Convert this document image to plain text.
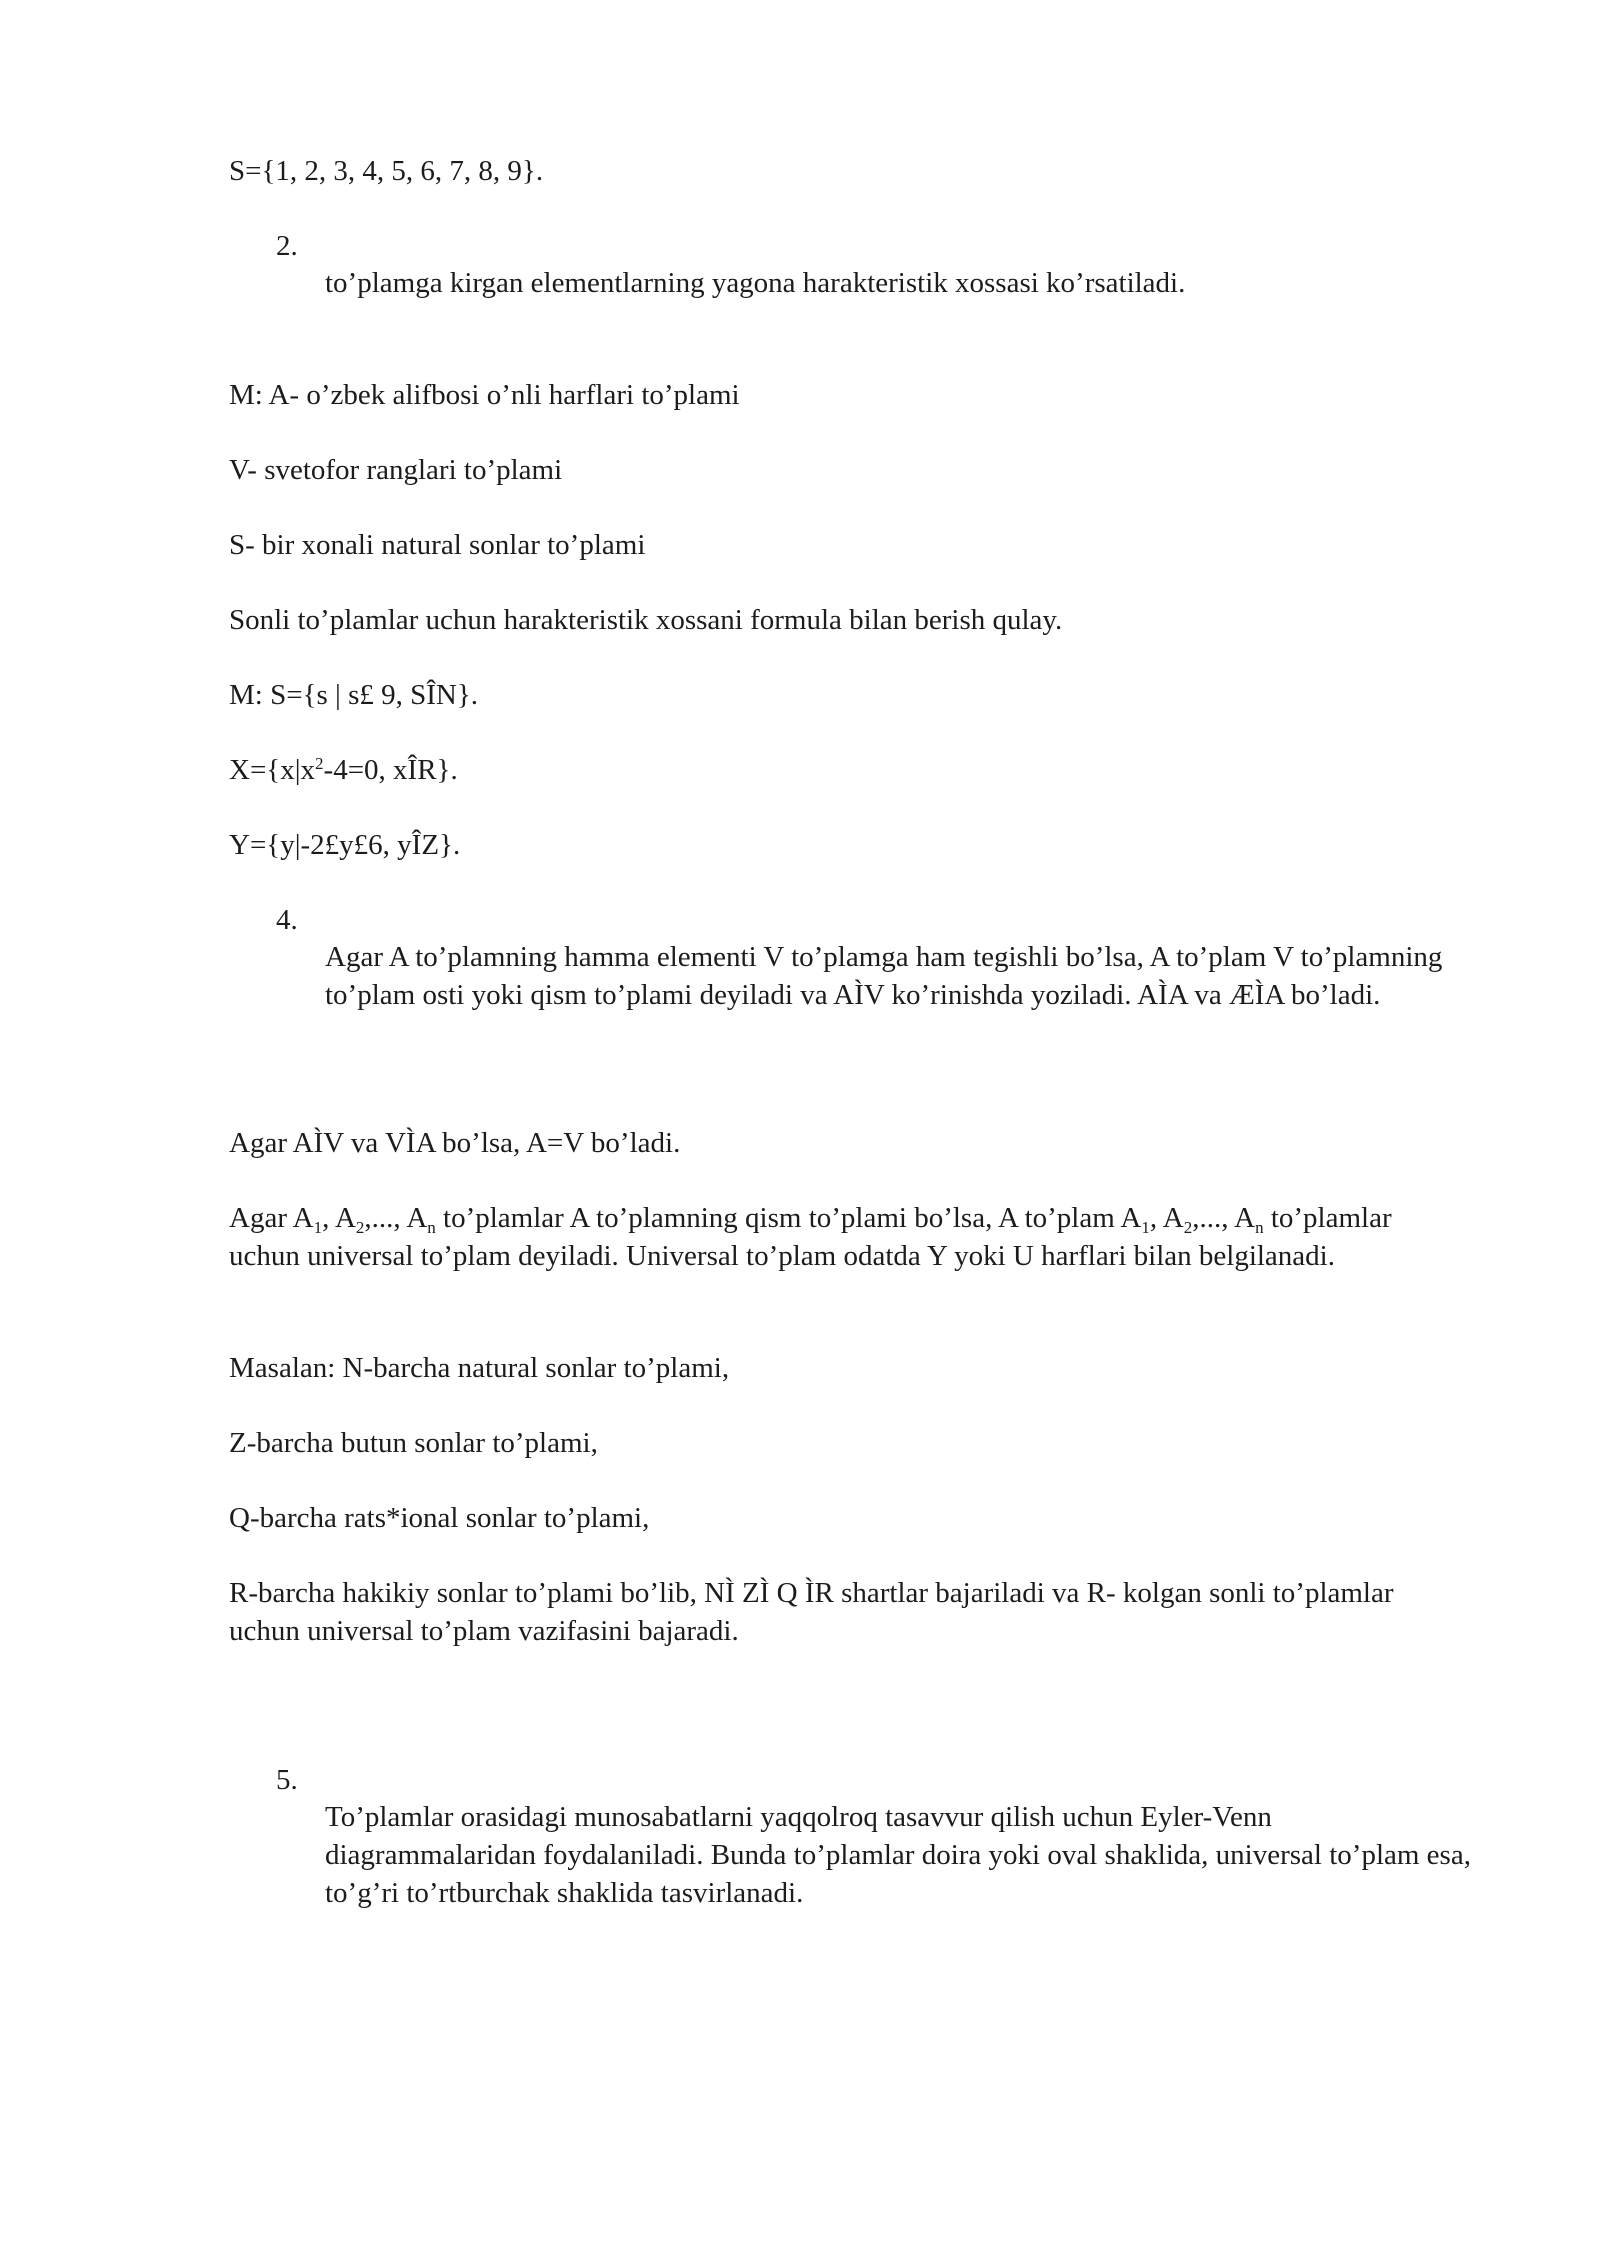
S={1, 2, 3, 4, 5, 6, 7, 8, 9}.

2.

to’plamga kirgan elementlarning yagona harakteristik xossasi ko’rsatiladi.

M: A- o’zbek alifbosi o’nli harflari to’plami

V- svetofor ranglari to’plami

S- bir xonali natural sonlar to’plami

Sonli to’plamlar uchun harakteristik xossani formula bilan berish qulay.

M: S={s | s£ 9, SÎN}.

$X=\{x|x^2-4=0$, xÎR}.

Y={y|-2£y£6, yÎZ}.

4.

Agar A to’plamning hamma elementi V to’plamga ham tegishli bo’lsa, A to’plam V to’plamning to’plam osti yoki qism to’plami deyiladi va AÌV ko’rinishda yoziladi. AÌA va ÆÌA bo’ladi.

Agar AÌV va VÌA bo’lsa, A=V bo’ladi.

Agar $A_1$, $A_2$,..., $A_n$ to’plamlar A to’plamning qism to’plami bo’lsa, A to’plam $A_1$, $A_2$,..., $A_n$ to’plamlar uchun universal to’plam deyiladi. Universal to’plam odatda Y yoki U harflari bilan belgilanadi.

Masalan: N-barcha natural sonlar to’plami,

Z-barcha butun sonlar to’plami,

Q-barcha rats*ional sonlar to’plami,

R-barcha hakikiy sonlar to’plami bo’lib, NÌ ZÌ Q ÌR shartlar bajariladi va R- kolgan sonli to’plamlar uchun universal to’plam vazifasini bajaradi.

5.

To’plamlar orasidagi munosabatlarni yaqqolroq tasavvur qilish uchun Eyler-Venn diagrammalaridan foydalaniladi. Bunda to’plamlar doira yoki oval shaklida, universal to’plam esa, to’g’ri to’rtburchak shaklida tasvirlanadi.
